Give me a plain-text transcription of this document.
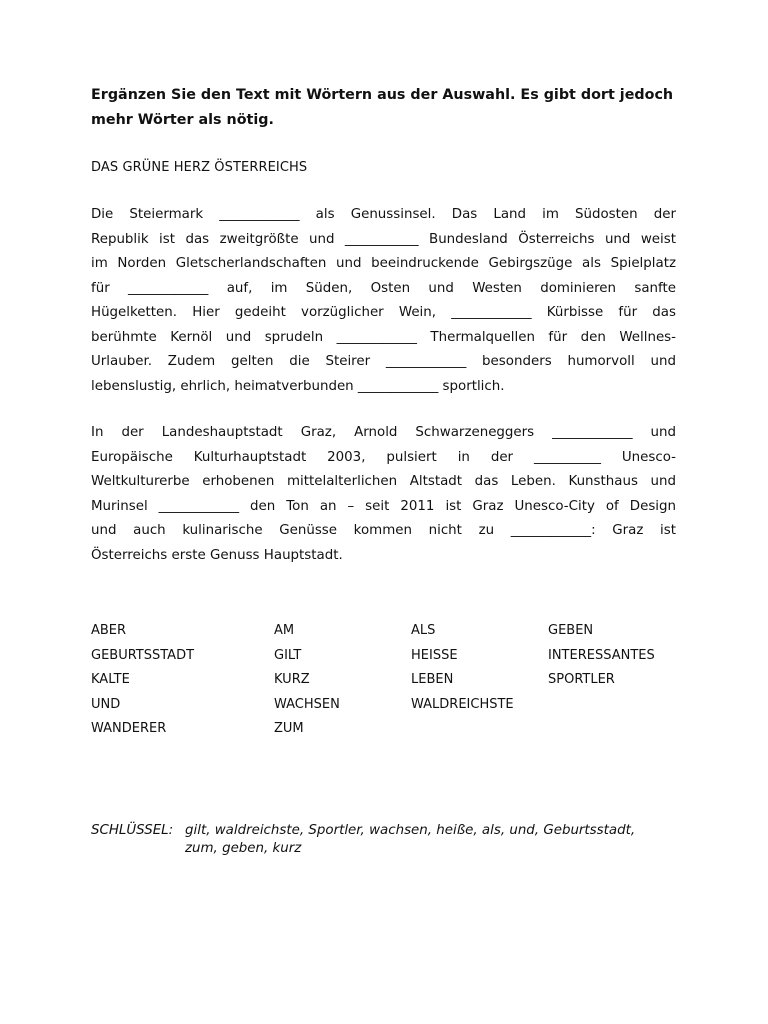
Ergänzen Sie den Text mit Wörtern aus der Auswahl. Es gibt dort jedoch mehr Wörter als nötig.

DAS GRÜNE HERZ ÖSTERREICHS

Die Steiermark ____________ als Genussinsel. Das Land im Südosten der
Republik ist das zweitgrößte und ___________ Bundesland Österreichs und weist
im Norden Gletscherlandschaften und beeindruckende Gebirgszüge als Spielplatz
für ____________ auf, im Süden, Osten und Westen dominieren sanfte
Hügelketten. Hier gedeiht vorzüglicher Wein, ____________ Kürbisse für das
berühmte Kernöl und sprudeln ____________ Thermalquellen für den Wellnes-
Urlauber. Zudem gelten die Steirer ____________ besonders humorvoll und
lebenslustig, ehrlich, heimatverbunden ____________ sportlich.
In der Landeshauptstadt Graz, Arnold Schwarzeneggers ____________ und
Europäische Kulturhauptstadt 2003, pulsiert in der __________ Unesco-
Weltkulturerbe erhobenen mittelalterlichen Altstadt das Leben. Kunsthaus und
Murinsel ____________ den Ton an – seit 2011 ist Graz Unesco-City of Design
und auch kulinarische Genüsse kommen nicht zu ____________: Graz ist
Österreichs erste Genuss Hauptstadt.
ABER	AM	ALS	GEBEN
GEBURTSSTADT	GILT	HEISSE	INTERESSANTES
KALTE	KURZ	LEBEN	SPORTLER
UND	WACHSEN	WALDREICHSTE
WANDERER	ZUM
SCHLÜSSEL: gilt, waldreichste, Sportler, wachsen, heiße, als, und, Geburtsstadt,
zum, geben, kurz
